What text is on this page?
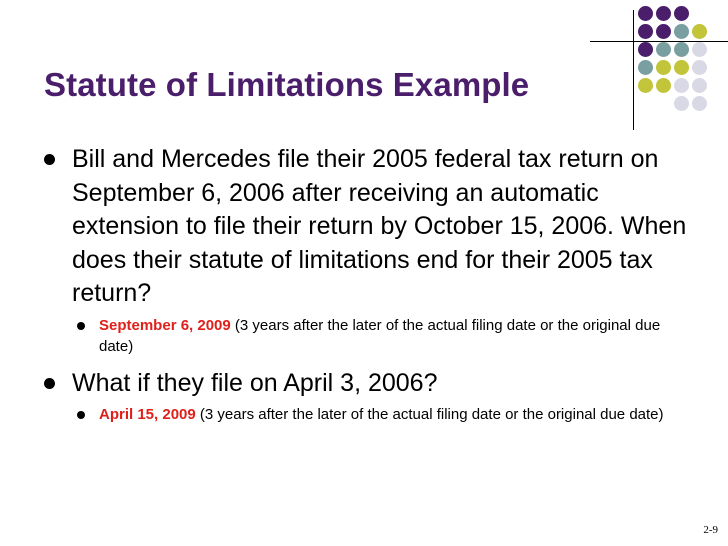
Statute of Limitations Example

Bill and Mercedes file their 2005 federal tax return on September 6, 2006 after receiving an automatic extension to file their return by October 15, 2006. When does their statute of limitations end for their 2005 tax return?

September 6, 2009 (3 years after the later of the actual filing date or the original due date)

What if they file on April 3, 2006?

April 15, 2009 (3 years after the later of the actual filing date or the original due date)
2-9
